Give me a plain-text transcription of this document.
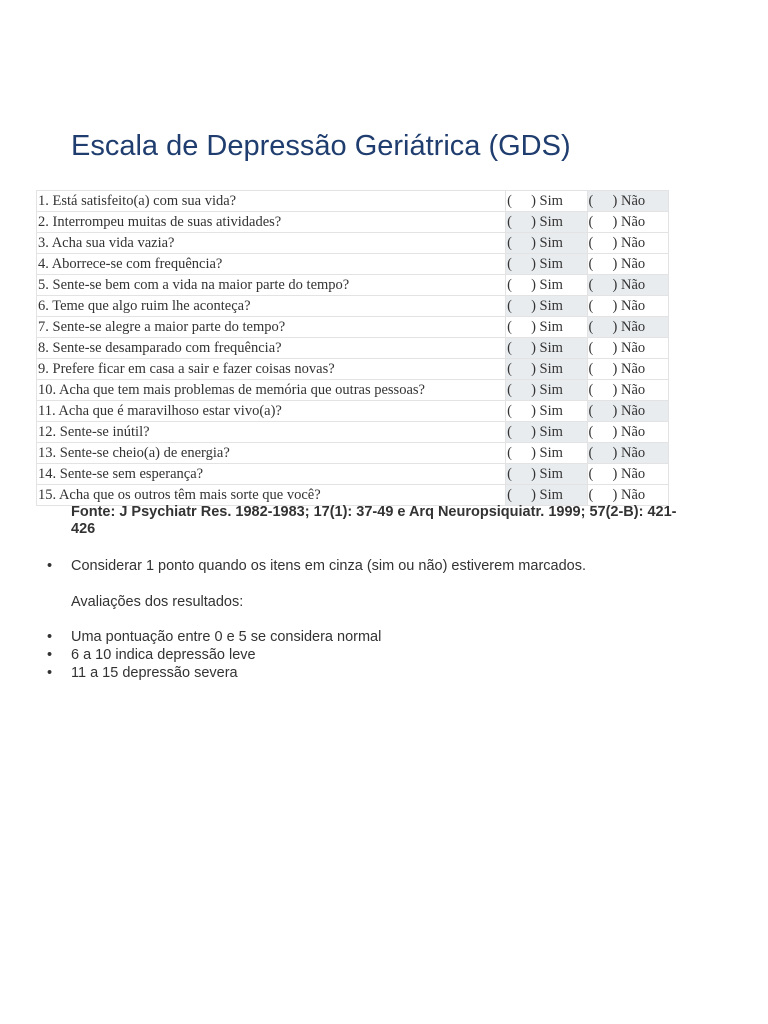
Escala de Depressão Geriátrica (GDS)
1. Está satisfeito(a) com sua vida?	( ) Sim	( ) Não
2. Interrompeu muitas de suas atividades?	( ) Sim	( ) Não
3. Acha sua vida vazia?	( ) Sim	( ) Não
4. Aborrece-se com frequência?	( ) Sim	( ) Não
5. Sente-se bem com a vida na maior parte do tempo?	( ) Sim	( ) Não
6. Teme que algo ruim lhe aconteça?	( ) Sim	( ) Não
7. Sente-se alegre a maior parte do tempo?	( ) Sim	( ) Não
8. Sente-se desamparado com frequência?	( ) Sim	( ) Não
9. Prefere ficar em casa a sair e fazer coisas novas?	( ) Sim	( ) Não
10. Acha que tem mais problemas de memória que outras pessoas?	( ) Sim	( ) Não
11. Acha que é maravilhoso estar vivo(a)?	( ) Sim	( ) Não
12. Sente-se inútil?	( ) Sim	( ) Não
13. Sente-se cheio(a) de energia?	( ) Sim	( ) Não
14. Sente-se sem esperança?	( ) Sim	( ) Não
15. Acha que os outros têm mais sorte que você?	( ) Sim	( ) Não

Fonte: J Psychiatr Res. 1982-1983; 17(1): 37-49 e Arq Neuropsiquiatr. 1999; 57(2-B): 421-426

• Considerar 1 ponto quando os itens em cinza (sim ou não) estiverem marcados.

Avaliações dos resultados:

• Uma pontuação entre 0 e 5 se considera normal
• 6 a 10 indica depressão leve
• 11 a 15 depressão severa
